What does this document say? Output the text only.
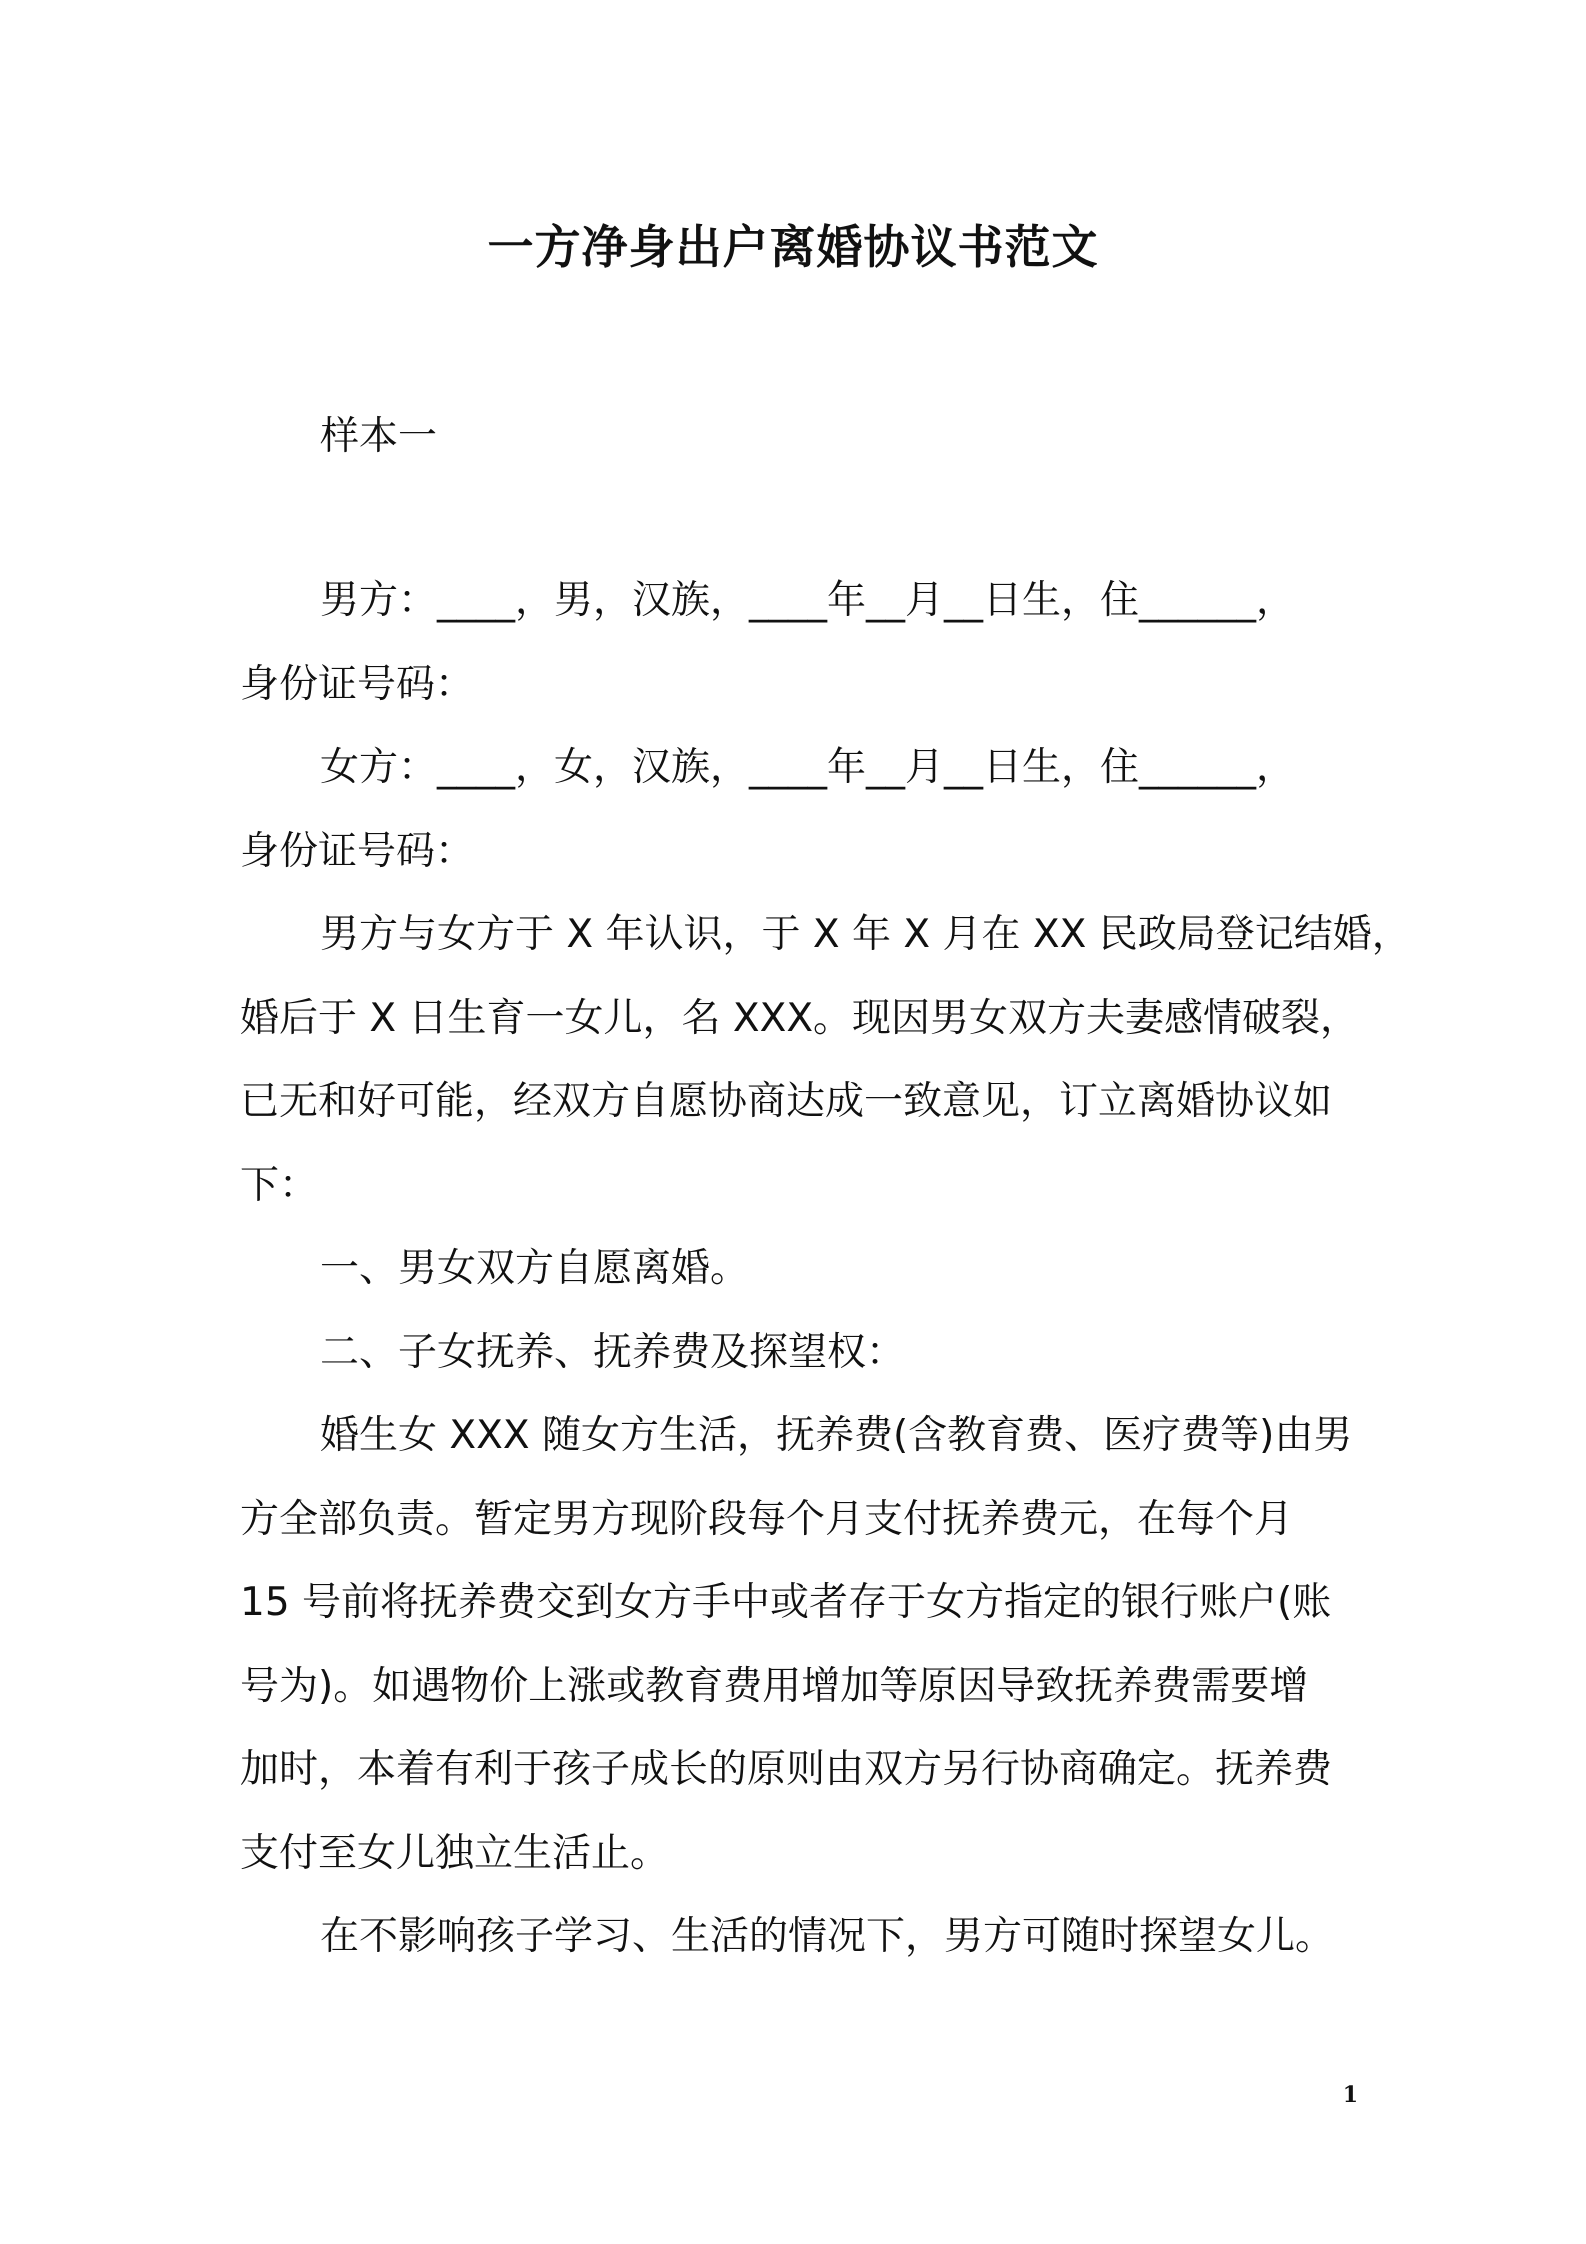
一方净身出户离婚协议书范文
样本一
男方：____，男，汉族，____年__月__日生，住______，
身份证号码：
女方：____，女，汉族，____年__月__日生，住______，
身份证号码：
男方与女方于 X 年认识，于 X 年 X 月在 XX 民政局登记结婚，
婚后于 X 日生育一女儿，名 XXX。现因男女双方夫妻感情破裂，
已无和好可能，经双方自愿协商达成一致意见，订立离婚协议如
下：
一、男女双方自愿离婚。
二、子女抚养、抚养费及探望权：
婚生女 XXX 随女方生活，抚养费(含教育费、医疗费等)由男
方全部负责。暂定男方现阶段每个月支付抚养费元，在每个月
15 号前将抚养费交到女方手中或者存于女方指定的银行账户(账
号为)。如遇物价上涨或教育费用增加等原因导致抚养费需要增
加时，本着有利于孩子成长的原则由双方另行协商确定。抚养费
支付至女儿独立生活止。
在不影响孩子学习、生活的情况下，男方可随时探望女儿。
1
